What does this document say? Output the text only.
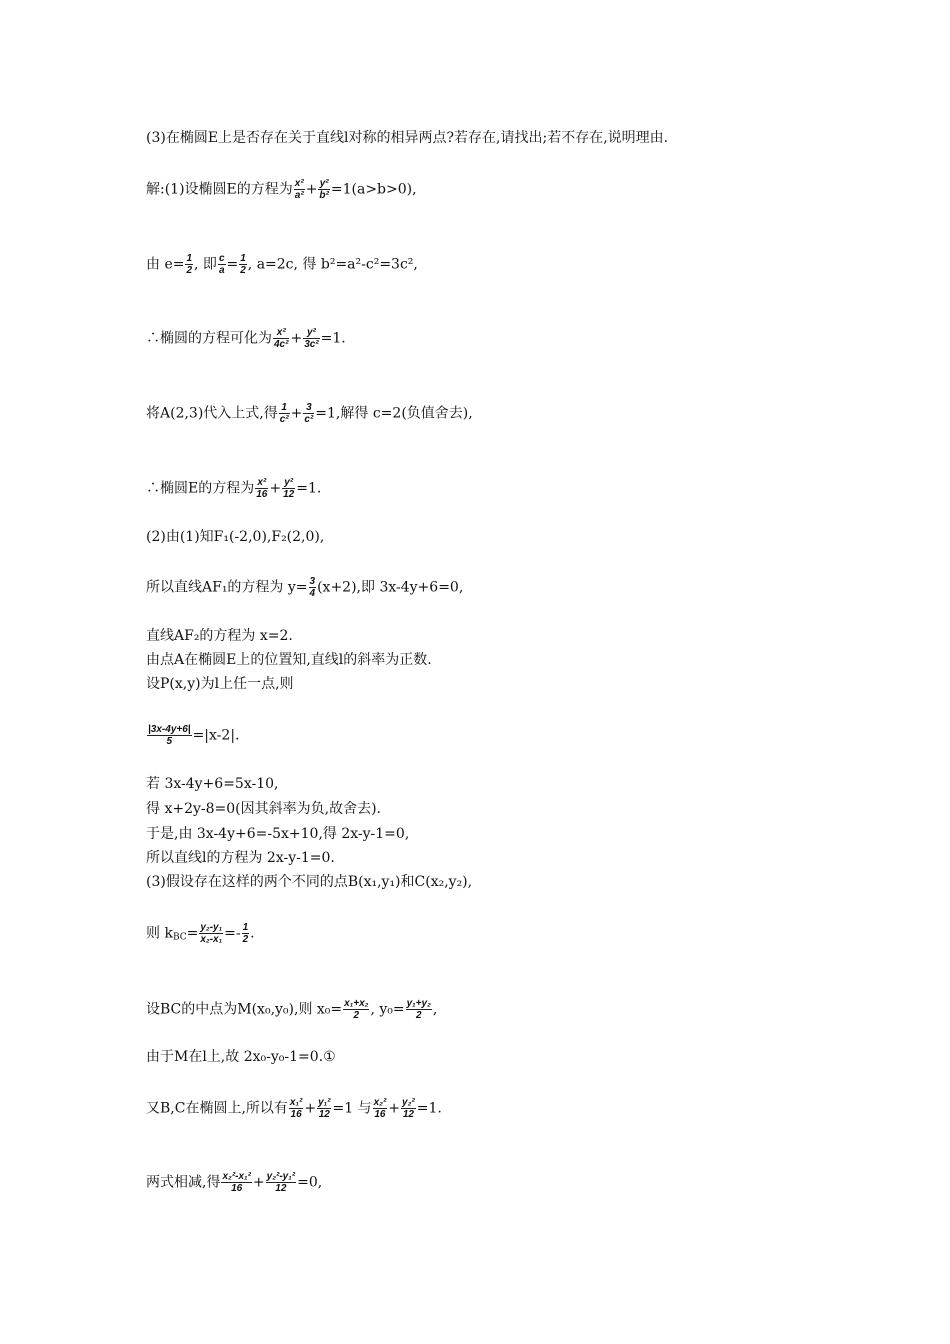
(3)在椭圆E上是否存在关于直线l对称的相异两点?若存在,请找出;若不存在,说明理由.
解:(1)设椭圆E的方程为 $\frac{\text{x²}}{\text{a²}} + \frac{\text{y²}}{\text{b²}} =1(a>b>0)$,
由 $e= \frac{1}{2}$ , 即 $\frac{c}{a} = \frac{1}{2}$ , a=2c, 得 b²=a²-c²=3c²,
∴椭圆的方程可化为 $\frac{\text{x²}}{\text{4c²}} + \frac{\text{y²}}{\text{3c²}} =1$.
将A(2,3)代入上式,得 $\frac{1}{\text{c²}} + \frac{3}{\text{c²}} =1$,解得 c=2(负值舍去),
∴椭圆E的方程为 $\frac{\text{x²}}{16} + \frac{\text{y²}}{12} =1$.
(2)由(1)知F₁(-2,0),F₂(2,0),
所以直线AF₁的方程为 $y= \frac{3}{4} (x+2)$,即 3x-4y+6=0,
直线AF₂的方程为 x=2.
由点A在椭圆E上的位置知,直线l的斜率为正数.
设P(x,y)为l上任一点,则
$\frac{|3x-4y+6|}{5} =|x-2|$.
若 3x-4y+6=5x-10,
得 x+2y-8=0(因其斜率为负,故舍去).
于是,由 3x-4y+6=-5x+10,得 2x-y-1=0,
所以直线l的方程为 2x-y-1=0.
(3)假设存在这样的两个不同的点B(x₁,y₁)和C(x₂,y₂),
则 $k_{BC}= \frac{\text{y₂-y₁}}{\text{x₂-x₁}} =- \frac{1}{2}$ .
设BC的中点为M(x₀,y₀),则 $x_0= \frac{\text{x₁+x₂}}{2}$ , $y_0= \frac{\text{y₁+y₂}}{2}$ ,
由于M在l上,故 2x₀-y₀-1=0.①
又B,C在椭圆上,所以有 $\frac{\text{x₁²}}{16} + \frac{\text{y₁²}}{12} =1$ 与 $\frac{\text{x₂²}}{16} + \frac{\text{y₂²}}{12} =1$.
两式相减,得 $\frac{\text{x₂²-x₁²}}{16} + \frac{\text{y₂²-y₁²}}{12} =0$,
